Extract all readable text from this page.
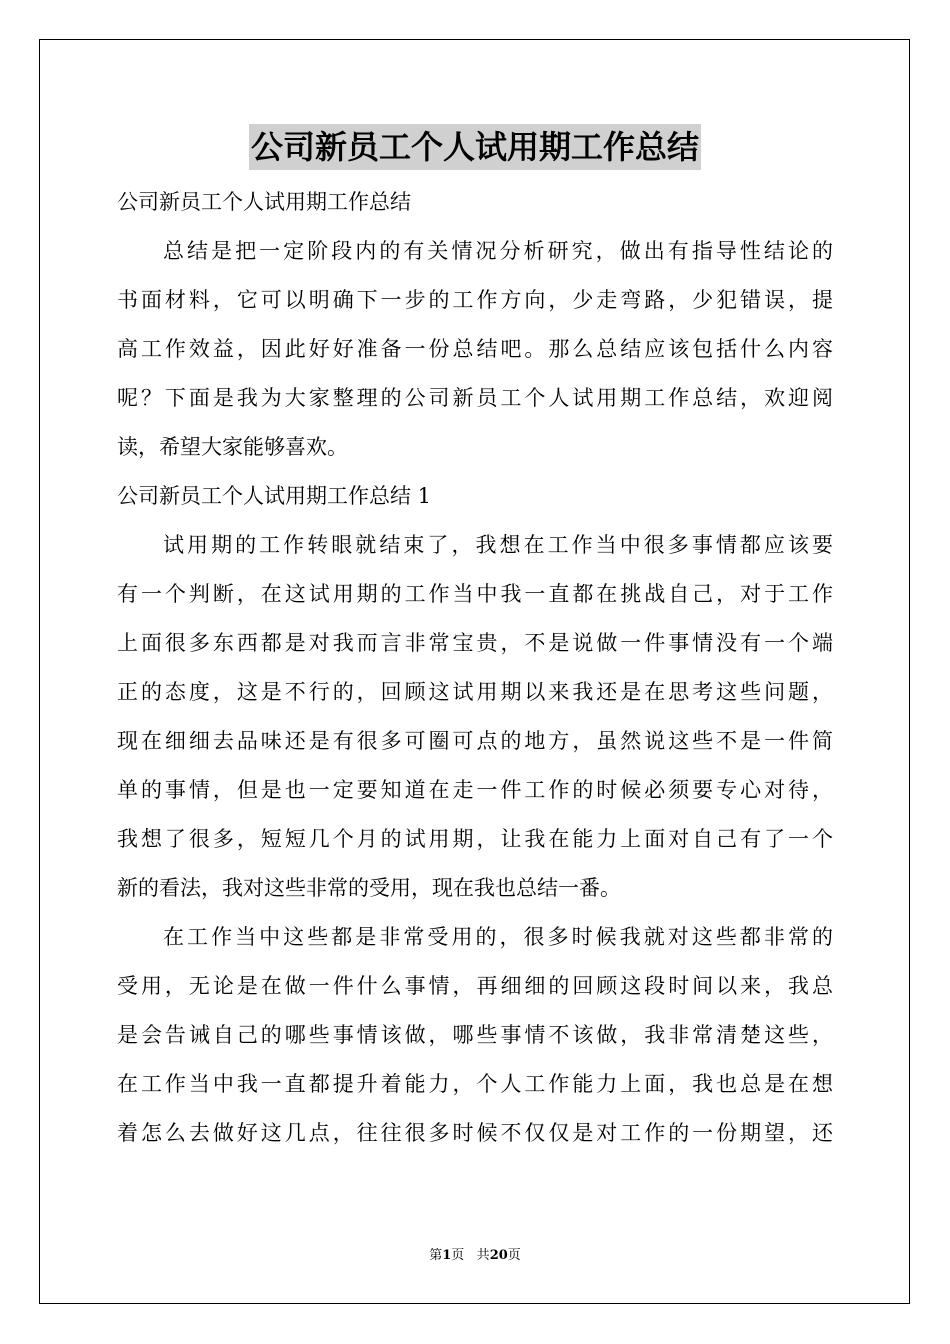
公司新员工个人试用期工作总结
公司新员工个人试用期工作总结
总结是把一定阶段内的有关情况分析研究，做出有指导性结论的
书面材料，它可以明确下一步的工作方向，少走弯路，少犯错误，提
高工作效益，因此好好准备一份总结吧。那么总结应该包括什么内容
呢？下面是我为大家整理的公司新员工个人试用期工作总结，欢迎阅
读，希望大家能够喜欢。
公司新员工个人试用期工作总结 1
试用期的工作转眼就结束了，我想在工作当中很多事情都应该要
有一个判断，在这试用期的工作当中我一直都在挑战自己，对于工作
上面很多东西都是对我而言非常宝贵，不是说做一件事情没有一个端
正的态度，这是不行的，回顾这试用期以来我还是在思考这些问题，
现在细细去品味还是有很多可圈可点的地方，虽然说这些不是一件简
单的事情，但是也一定要知道在走一件工作的时候必须要专心对待，
我想了很多，短短几个月的试用期，让我在能力上面对自己有了一个
新的看法，我对这些非常的受用，现在我也总结一番。
在工作当中这些都是非常受用的，很多时候我就对这些都非常的
受用，无论是在做一件什么事情，再细细的回顾这段时间以来，我总
是会告诫自己的哪些事情该做，哪些事情不该做，我非常清楚这些，
在工作当中我一直都提升着能力，个人工作能力上面，我也总是在想
着怎么去做好这几点，往往很多时候不仅仅是对工作的一份期望，还
第1页 共20页
